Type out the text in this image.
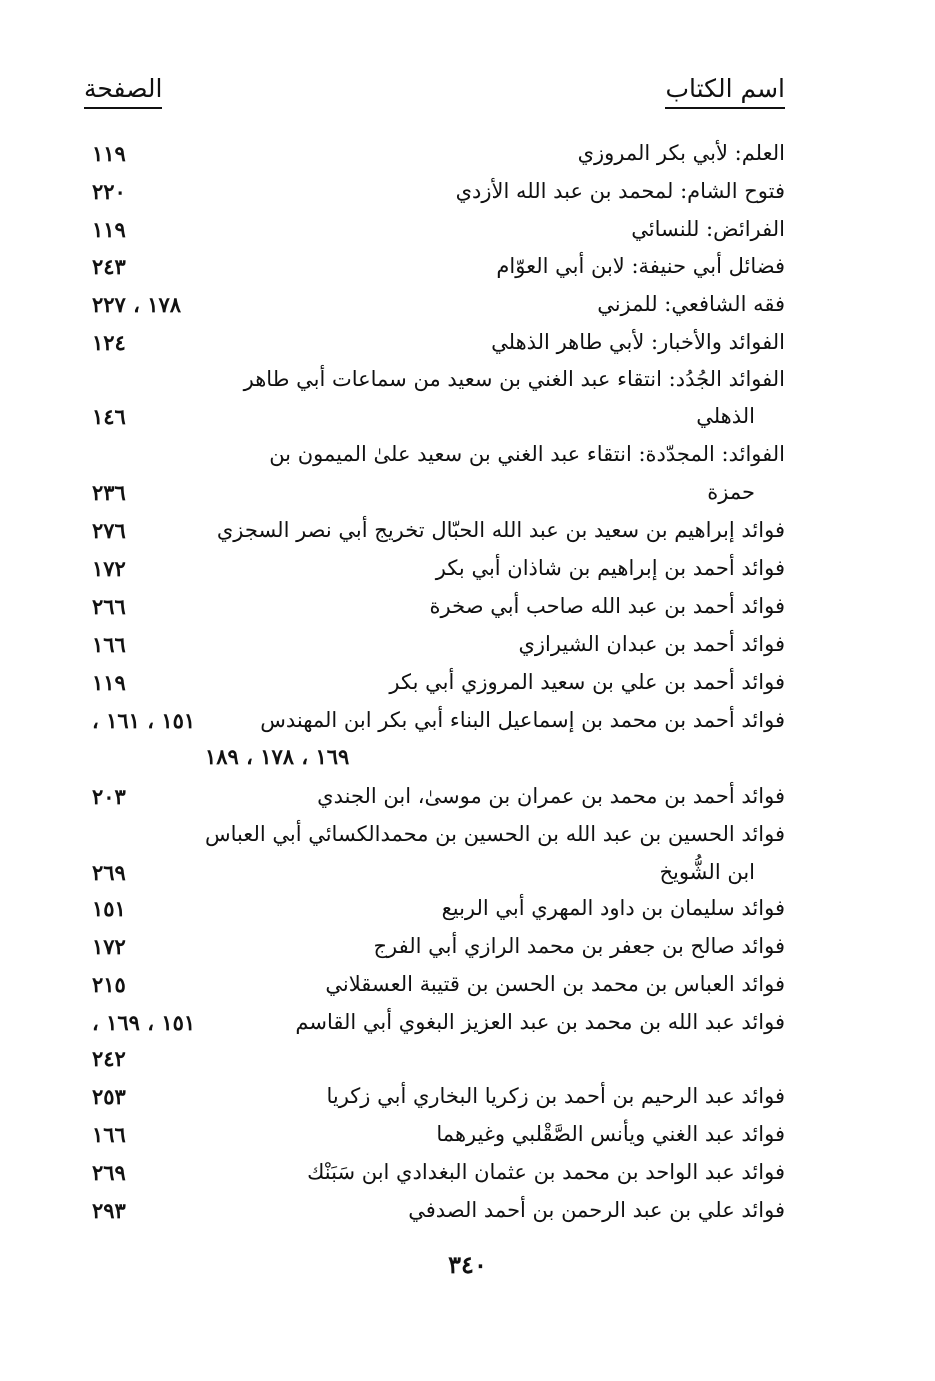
اسم الكتاب
الصفحة
العلم: لأبي بكر المروزي
١١٩
فتوح الشام: لمحمد بن عبد الله الأزدي
٢٢٠
الفرائض: للنسائي
١١٩
فضائل أبي حنيفة: لابن أبي العوّام
٢٤٣
فقه الشافعي: للمزني
١٧٨ ، ٢٢٧
الفوائد والأخبار: لأبي طاهر الذهلي
١٢٤
الفوائد الجُدُد: انتقاء عبد الغني بن سعيد من سماعات أبي طاهر
الذهلي
١٤٦
الفوائد: المجدّدة: انتقاء عبد الغني بن سعيد علىٰ الميمون بن
حمزة
٢٣٦
فوائد إبراهيم بن سعيد بن عبد الله الحبّال تخريج أبي نصر السجزي
٢٧٦
فوائد أحمد بن إبراهيم بن شاذان أبي بكر
١٧٢
فوائد أحمد بن عبد الله صاحب أبي صخرة
٢٦٦
فوائد أحمد بن عبدان الشيرازي
١٦٦
فوائد أحمد بن علي بن سعيد المروزي أبي بكر
١١٩
فوائد أحمد بن محمد بن إسماعيل البناء أبي بكر ابن المهندس
١٥١ ، ١٦١ ،
١٦٩ ، ١٧٨ ، ١٨٩
فوائد أحمد بن محمد بن عمران بن موسىٰ، ابن الجندي
٢٠٣
فوائد الحسين بن عبد الله بن الحسين بن محمدالكسائي أبي العباس
ابن الشُّويخ
٢٦٩
فوائد سليمان بن داود المهري أبي الربيع
١٥١
فوائد صالح بن جعفر بن محمد الرازي أبي الفرج
١٧٢
فوائد العباس بن محمد بن الحسن بن قتيبة العسقلاني
٢١٥
فوائد عبد الله بن محمد بن عبد العزيز البغوي أبي القاسم
١٥١ ، ١٦٩ ،
٢٤٢
فوائد عبد الرحيم بن أحمد بن زكريا البخاري أبي زكريا
٢٥٣
فوائد عبد الغني ويأنس الصَّقْلبي وغيرهما
١٦٦
فوائد عبد الواحد بن محمد بن عثمان البغدادي ابن سَبَنْك
٢٦٩
فوائد علي بن عبد الرحمن بن أحمد الصدفي
٢٩٣
٣٤٠
